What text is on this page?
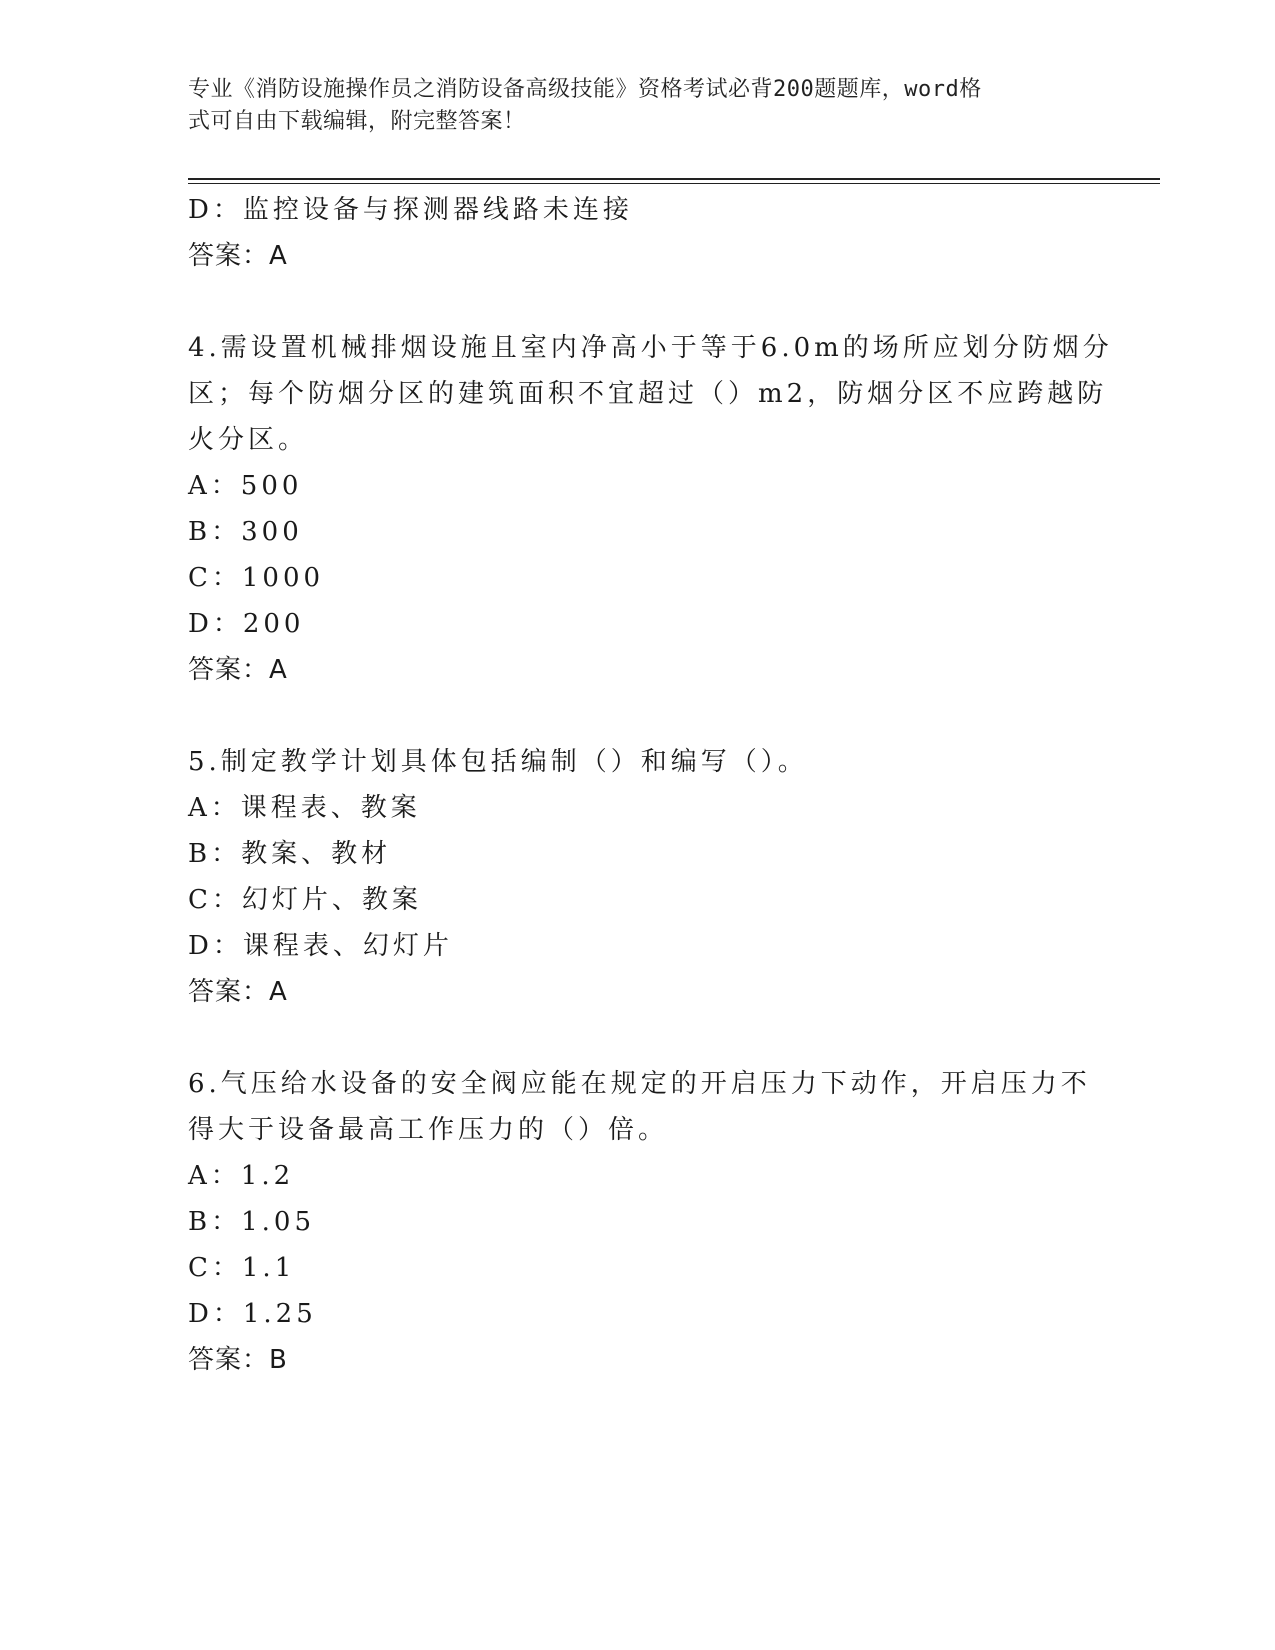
专业《消防设施操作员之消防设备高级技能》资格考试必背200题题库，word格
式可自由下载编辑，附完整答案！

D：监控设备与探测器线路未连接

答案：A

4.需设置机械排烟设施且室内净高小于等于6.0m的场所应划分防烟分

区；每个防烟分区的建筑面积不宜超过（）m2，防烟分区不应跨越防

火分区。

A：500

B：300

C：1000

D：200

答案：A

5.制定教学计划具体包括编制（）和编写（）。

A：课程表、教案

B：教案、教材

C：幻灯片、教案

D：课程表、幻灯片

答案：A

6.气压给水设备的安全阀应能在规定的开启压力下动作，开启压力不

得大于设备最高工作压力的（）倍。

A：1.2

B：1.05

C：1.1

D：1.25

答案：B
